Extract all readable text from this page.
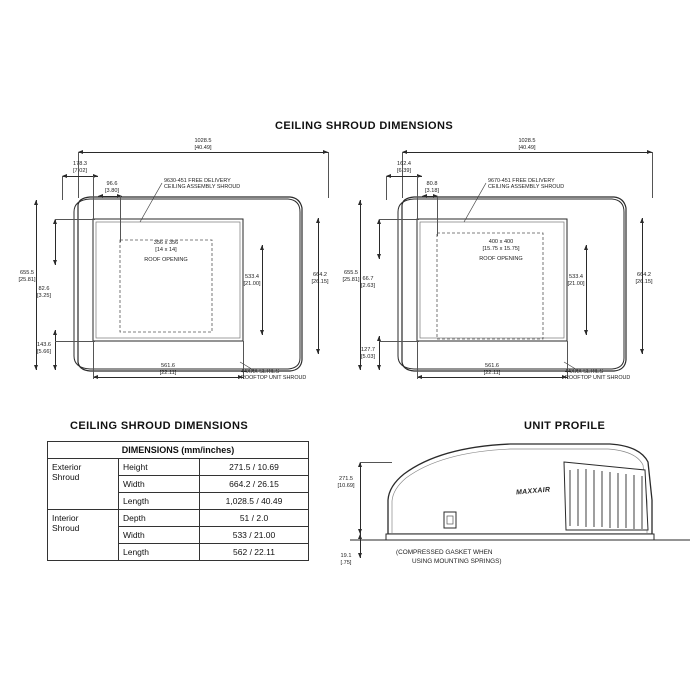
CEILING SHROUD DIMENSIONS
1028.5
[40.49]
178.3
[7.02]
96.6
[3.80]
9630-451 FREE DELIVERY
CEILING ASSEMBLY SHROUD
356 x 356
[14 x 14]
ROOF OPENING
655.5
[25.81]
82.6
[3.25]
143.6
[5.66]
533.4
[21.00]
664.2
[26.15]
561.6
[22.11]	44XXX SERIES
ROOFTOP UNIT SHROUD
1028.5
[40.49]
162.4
[6.39]
80.8
[3.18]
9670-451 FREE DELIVERY
CEILING ASSEMBLY SHROUD
400 x 400
[15.75 x 15.75]
ROOF OPENING
655.5
[25.81] 66.7
[2.63]
127.7
[5.03]
533.4
[21.00]
664.2
[26.15]
561.6
[22.11]	44XXX SERIES
ROOFTOP UNIT SHROUD
CEILING SHROUD DIMENSIONS
DIMENSIONS (mm/inches)		
Exterior
Shroud	Height	271.5 / 10.69
	Width	664.2 / 26.15
	Length	1,028.5 / 40.49
Interior
Shroud	Depth	51 / 2.0
	Width	533 / 21.00
	Length	562 / 22.11
UNIT PROFILE
MAXXAIR
271.5
[10.69]
19.1
[.75]
(COMPRESSED GASKET WHEN
USING MOUNTING SPRINGS)
